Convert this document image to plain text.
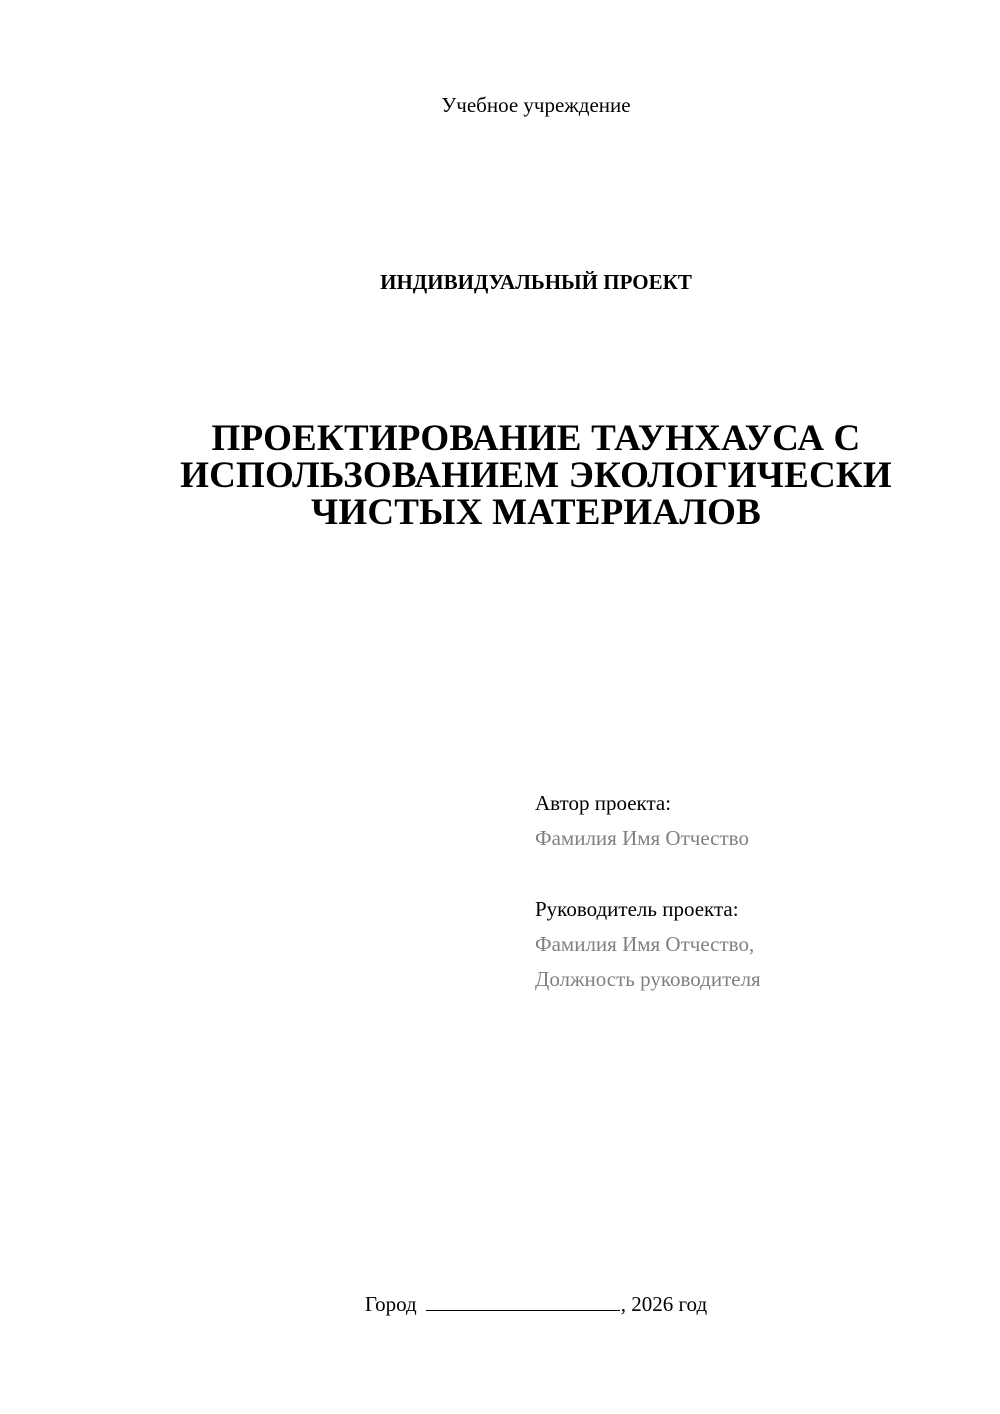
Учебное учреждение
ИНДИВИДУАЛЬНЫЙ ПРОЕКТ
ПРОЕКТИРОВАНИЕ ТАУНХАУСА С
ИСПОЛЬЗОВАНИЕМ ЭКОЛОГИЧЕСКИ
ЧИСТЫХ МАТЕРИАЛОВ
Автор проекта:
Фамилия Имя Отчество
Руководитель проекта:
Фамилия Имя Отчество,
Должность руководителя
Город	, 2026 год
